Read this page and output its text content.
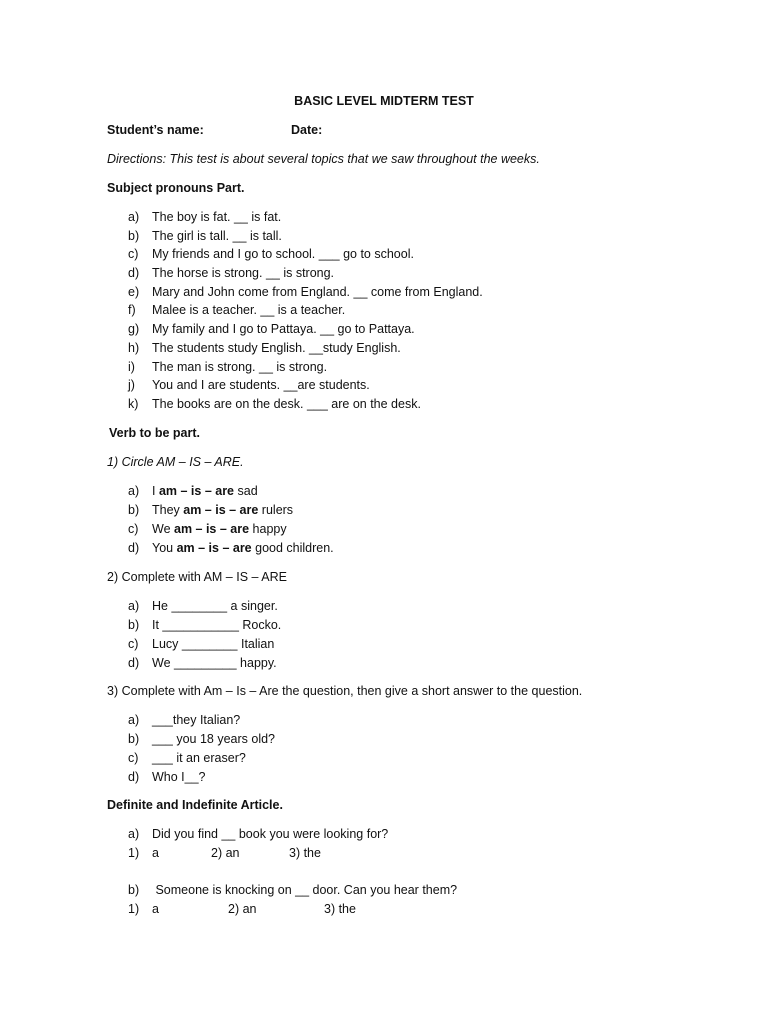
BASIC LEVEL MIDTERM TEST
Student’s name:	Date:
Directions: This test is about several topics that we saw throughout the weeks.
Subject pronouns Part.
a) The boy is fat. __ is fat.
b) The girl is tall. __ is tall.
c) My friends and I go to school. ___ go to school.
d) The horse is strong. __ is strong.
e) Mary and John come from England. __ come from England.
f) Malee is a teacher. __ is a teacher.
g) My family and I go to Pattaya. __ go to Pattaya.
h) The students study English. __study English.
i) The man is strong. __ is strong.
j) You and I are students. __are students.
k) The books are on the desk. ___ are on the desk.
Verb to be part.
1) Circle AM – IS – ARE.
a) I am – is – are sad
b) They am – is – are rulers
c) We am – is – are happy
d) You am – is – are good children.
2) Complete with AM – IS – ARE
a) He ________ a singer.
b) It ___________ Rocko.
c) Lucy ________ Italian
d) We _________ happy.
3) Complete with Am – Is – Are the question, then give a short answer to the question.
a) ___they Italian?
b) ___ you 18 years old?
c) ___ it an eraser?
d) Who I__?
Definite and Indefinite Article.
a) Did you find __ book you were looking for?
1) a	2) an	3) the
b) Someone is knocking on __ door. Can you hear them?
1) a	2) an	3) the
